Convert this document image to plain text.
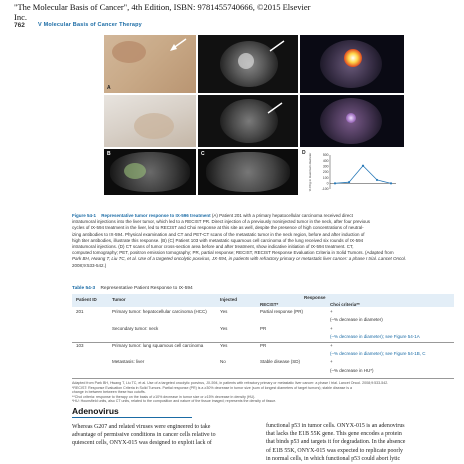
"The Molecular Basis of Cancer", 4th Edition, ISBN: 9781455740666, ©2015 Elsevier
Inc.
762 V Molecular Basis of Cancer Therapy
A
B	C	D	500
400
300
200
100
0
-100
% Chg in maximum diameter
Figure 54-1 Representative tumor response to IX-596 treatment (A) Patient 201 with a primary hepatocellular carcinoma received direct
intratumoral injections into the liver tumor, which led to a RECIST PR. Direct injection of a previously noninjected tumor in the neck, after four previous
cycles of IX-594 treatment in the liver, led to RECIST and Choi response at this site as well, despite the presence of high concentrations of neutral-
izing antibodies to IX-594. Physical examination and CT and PET-CT scans of the metastatic tumor in the neck region, before and after induction of
high titer antibodies, illustrate this response. (B) (C) Patient 103 with metastatic squamous cell carcinoma of the lung received six rounds of IX-594
intratumoral injections. (D) CT scans of tumor cross-section area before and after treatment, show indicative initiation of IX-594 treatment. CT,
computed tomography; PET, positron emission tomography; PR, partial response; RECIST, RECIST Response Evaluation Criteria in Solid Tumors. (Adapted from
Park BH, Hwang T, Liu TC, et al. Use of a targeted oncolytic poxvirus, JX-594, in patients with refractory primary or metastatic liver cancer: a phase I trial. Lancet Oncol.
2008;9:533-542.)
Table 54-3 Representative Patient Response to IX-594
Patient ID	Tumor	Injected	Response
RECIST*	Choi criteria**
201	Primary tumor: hepatocellular carcinoma (HCC)	Yes	Partial response (PR)	+
(–% decrease in diameter)
Secondary tumor: neck	Yes	PR	+
(–% decrease in diameter); see Figure 54-1A
103	Primary tumor: lung squamous cell carcinoma	Yes	PR	+
(–% decrease in diameter); see Figure 54-1B, C
Metastasis: liver	No	Stable disease (SD)	+
(–% decrease in HU*)
Adapted from Park BH, Hwang T, Liu TC, et al. Use of a targeted oncolytic poxvirus, JX-594, in patients with refractory primary or metastatic liver cancer: a phase I trial. Lancet Oncol. 2008;9:533-542.
*RECIST: Response Evaluation Criteria in Solid Tumors. Partial response (PR) is a ≥30% decrease in tumor size (sum of longest diameters of target tumors); stable disease is a
change in between between these two cutoffs.
**Choi criteria: response to therapy on the basis of ≥10% decrease in tumor size or ≥15% decrease in density (HU).
*HU: Hounsfield units, also CT units, related to the composition and nature of the tissue imaged; represents the density of tissue.
Adenovirus
Whereas G207 and related viruses were engineered to take
advantage of permissive conditions in cancer cells relative to
quiescent cells, ONYX-015 was designed to exploit lack of
functional p53 in tumor cells. ONYX-015 is an adenovirus
that lacks the E1B 55K gene. This gene encodes a protein
that binds p53 and targets it for degradation. In the absence
of E1B 55K, ONYX-015 was expected to replicate poorly
in normal cells, in which functional p53 could abort lytic
